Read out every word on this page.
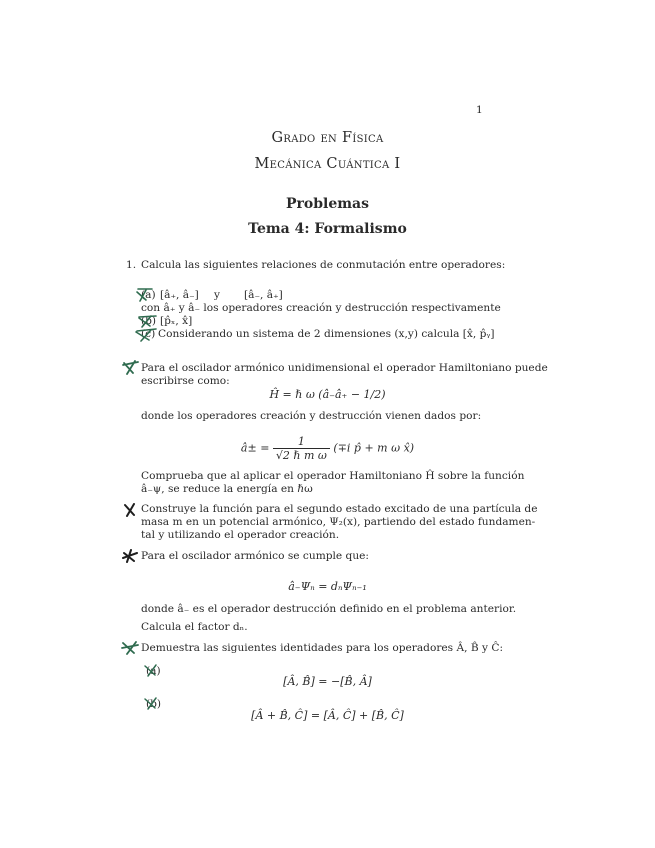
1
Grado en Física
Mecánica Cuántica I
Problemas
Tema 4: Formalismo
1. Calcula las siguientes relaciones de conmutación entre operadores:
(a) [â₊, â₋] y [â₋, â₊]
con â₊ y â₋ los operadores creación y destrucción respectivamente
(b) [p̂ₓ, x̂]
(c) Considerando un sistema de 2 dimensiones (x,y) calcula [x̂, p̂ᵧ]
Para el oscilador armónico unidimensional el operador Hamiltoniano puede
escribirse como:
Ĥ = ℏ ω (â₋â₊ − 1/2)
donde los operadores creación y destrucción vienen dados por:
â± = $\frac{1}{\text{√2 ℏ m ω}} (\mp i$ p̂ + m ω x̂)
Comprueba que al aplicar el operador Hamiltoniano Ĥ sobre la función
â₋ψ, se reduce la energía en ℏω
Construye la función para el segundo estado excitado de una partícula de
masa m en un potencial armónico, Ψ₂(x), partiendo del estado fundamen-
tal y utilizando el operador creación.
Para el oscilador armónico se cumple que:
â₋Ψₙ = dₙΨₙ₋₁
donde â₋ es el operador destrucción definido en el problema anterior.
Calcula el factor dₙ.
Demuestra las siguientes identidades para los operadores Â, B̂ y Ĉ:
(a)
[Â, B̂] = −[B̂, Â]
(b)
[Â + B̂, Ĉ] = [Â, Ĉ] + [B̂, Ĉ]
